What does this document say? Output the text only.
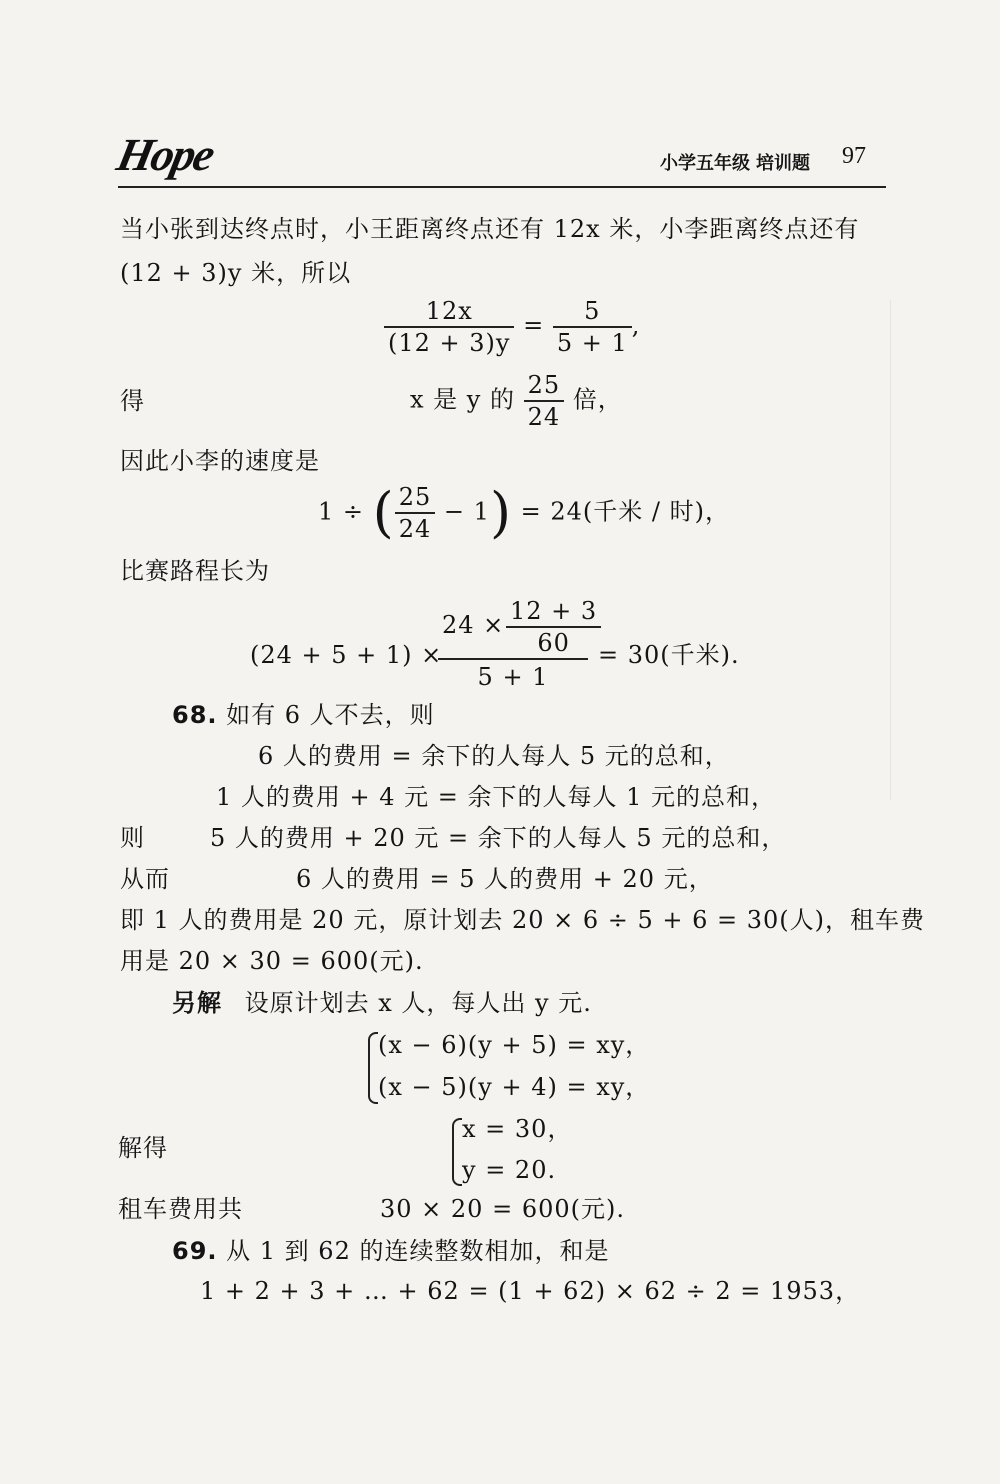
Hope	小学五年级 培训题 97
当小张到达终点时，小王距离终点还有 12x 米，小李距离终点还有
(12 + 3)y 米，所以
$\frac{12x}{(12 + 3)y} = \frac{5}{5 + 1}$ ,
得	x 是 y 的 $\frac{25}{24}$ 倍，
因此小李的速度是
1 ÷ ( $\frac{25}{24} - 1) = 24$(千米 / 时)，
比赛路程长为
(24 + 5 + 1) ×
$\frac{24 \times \frac{12 + 3}{60}}{5 + 1} = 30$(千米).
68. 如有 6 人不去，则
6 人的费用 = 余下的人每人 5 元的总和，
1 人的费用 + 4 元 = 余下的人每人 1 元的总和，
则	5 人的费用 + 20 元 = 余下的人每人 5 元的总和，
从而	6 人的费用 = 5 人的费用 + 20 元，
即 1 人的费用是 20 元，原计划去 20 × 6 ÷ 5 + 6 = 30(人)，租车费
用是 20 × 30 = 600(元).
另解 设原计划去 x 人，每人出 y 元.
(x − 6)(y + 5) = xy，
(x − 5)(y + 4) = xy，
解得
x = 30，
y = 20.
租车费用共	30 × 20 = 600(元).
69. 从 1 到 62 的连续整数相加，和是
1 + 2 + 3 + … + 62 = (1 + 62) × 62 ÷ 2 = 1953，
